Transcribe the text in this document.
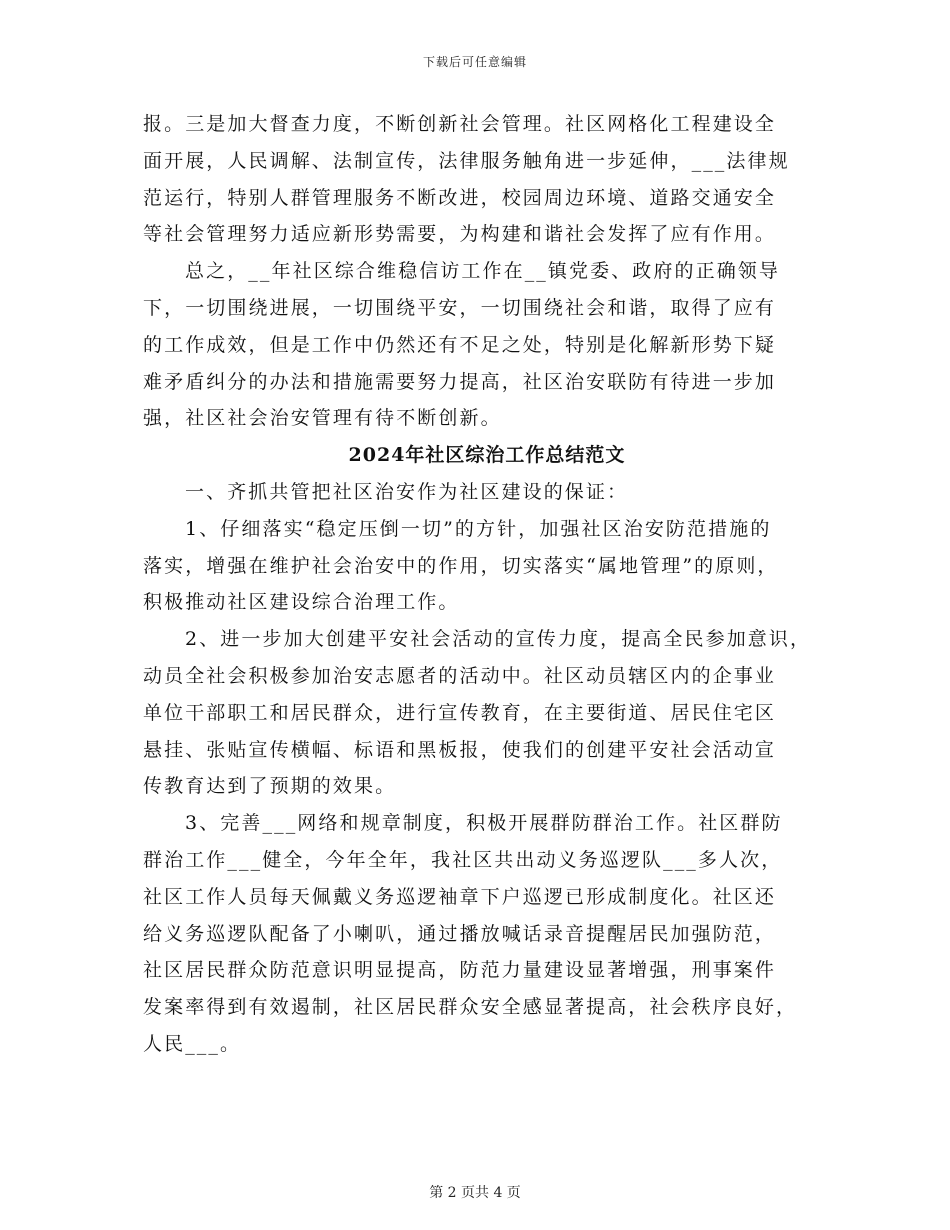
下载后可任意编辑
报。三是加大督查力度，不断创新社会管理。社区网格化工程建设全
面开展，人民调解、法制宣传，法律服务触角进一步延伸，___法律规
范运行，特别人群管理服务不断改进，校园周边环境、道路交通安全
等社会管理努力适应新形势需要，为构建和谐社会发挥了应有作用。
总之，__年社区综合维稳信访工作在__镇党委、政府的正确领导
下，一切围绕进展，一切围绕平安，一切围绕社会和谐，取得了应有
的工作成效，但是工作中仍然还有不足之处，特别是化解新形势下疑
难矛盾纠分的办法和措施需要努力提高，社区治安联防有待进一步加
强，社区社会治安管理有待不断创新。
2024年社区综治工作总结范文
一、齐抓共管把社区治安作为社区建设的保证：
1、仔细落实“稳定压倒一切”的方针，加强社区治安防范措施的
落实，增强在维护社会治安中的作用，切实落实“属地管理”的原则，
积极推动社区建设综合治理工作。
2、进一步加大创建平安社会活动的宣传力度，提高全民参加意识，
动员全社会积极参加治安志愿者的活动中。社区动员辖区内的企事业
单位干部职工和居民群众，进行宣传教育，在主要街道、居民住宅区
悬挂、张贴宣传横幅、标语和黑板报，使我们的创建平安社会活动宣
传教育达到了预期的效果。
3、完善___网络和规章制度，积极开展群防群治工作。社区群防
群治工作___健全，今年全年，我社区共出动义务巡逻队___多人次，
社区工作人员每天佩戴义务巡逻袖章下户巡逻已形成制度化。社区还
给义务巡逻队配备了小喇叭，通过播放喊话录音提醒居民加强防范，
社区居民群众防范意识明显提高，防范力量建设显著增强，刑事案件
发案率得到有效遏制，社区居民群众安全感显著提高，社会秩序良好，
人民___。
第 2 页共 4 页
